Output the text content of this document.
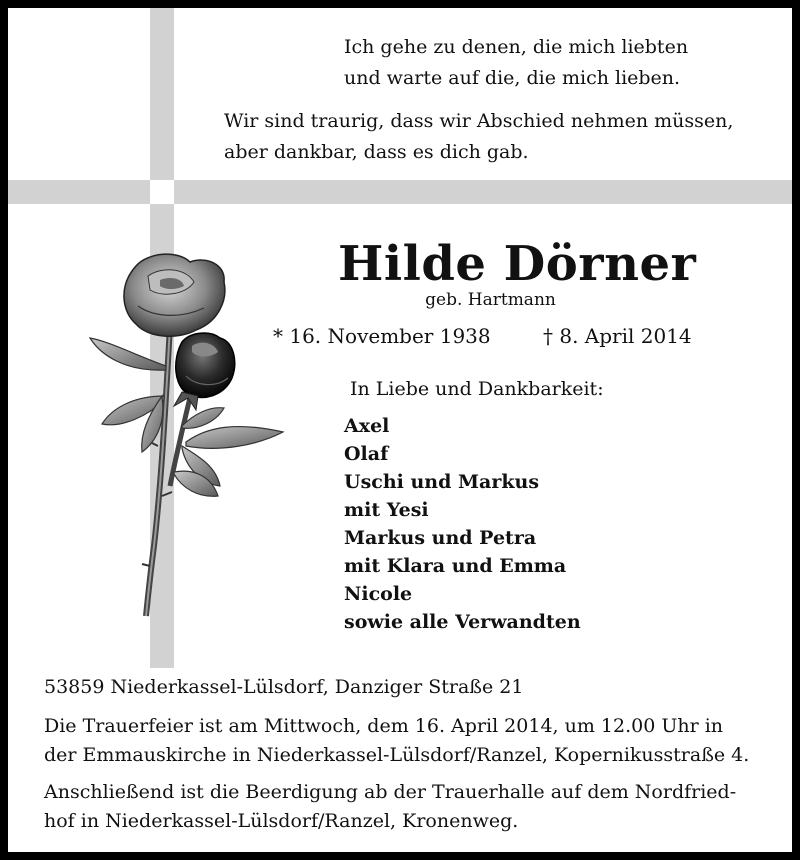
Ich gehe zu denen, die mich liebten
und warte auf die, die mich lieben.
Wir sind traurig, dass wir Abschied nehmen müssen,
aber dankbar, dass es dich gab.
Hilde Dörner
geb. Hartmann
* 16. November 1938	† 8. April 2014
In Liebe und Dankbarkeit:
Axel
Olaf
Uschi und Markus
mit Yesi
Markus und Petra
mit Klara und Emma
Nicole
sowie alle Verwandten
53859 Niederkassel-Lülsdorf, Danziger Straße 21
Die Trauerfeier ist am Mittwoch, dem 16. April 2014, um 12.00 Uhr in
der Emmauskirche in Niederkassel-Lülsdorf/Ranzel, Kopernikusstraße 4.
Anschließend ist die Beerdigung ab der Trauerhalle auf dem Nordfried-
hof in Niederkassel-Lülsdorf/Ranzel, Kronenweg.
